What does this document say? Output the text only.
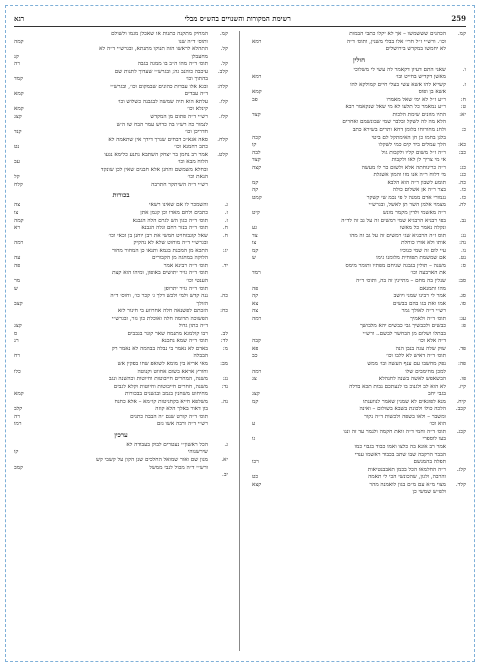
259
רשימת המקורות והשנויים בהש״ס מבלי
רגא
קמ.
הכהנים שששמשו – אך לא יקלו כתבי הבמות
וכו׳. ורש״י ז״ל חרי׳ אלו בבלי משנין, ותוס׳ ד״ה
רמא
לא יחמשו במקדש בירושלים
חולין
ו.
שאני התם דעיון דקאמר לה עשי לי משלוכי
מאשן דקדיש בחייט ובו׳
רמא
ז.
קשייא להו אשא עשי בעלי חיים קמולקא להו
אשא בן ופוס
קמא
ח:
ר״ע ז״ל לא ימי שאל מאמרו
פב
ט:
ר״ע נמאמר כל תלעו לא מי שאל שנקאמר רבא
יא:
התיו מוזנים שימת הלכות
קצד
הלא מה לה לשקל ובלבר שמי שבונשמם ואחרים
כ:
ולחנ מחורוחו בלומן דחא ותרים בשירא כתב
בלגן בחמו כן חן האימתקל לם ביטי
קכה
כא:
הלך עמלים ביד קים כמי לשקלו
קו
כב:
ר״ה ז״ל משום קליו ולקבות גול
לבה
אי מי צריך לן לאו ולקבות
קצד
כג:
ר״ה כרינוחתה אלא ולשום כר לו מעשה
קצה
כג:
מי דלוח ר״ה אנו מזו והמון אשגלת
כה.
תומע לשבון ר״ה הוא הלבא
קמ
כו.
בצר ר״ה אן אשלום כולה
קה
כז.
נגמורי אדם ממנה ל פי נכמ שי קשקר
קמט
לה.
מצמוי אלמן השר תן לאשל, ובגרש״י
ר״ה מאשמי ולדין מקמר מונש
קיט
נב.
בפי רבניא הרבגיא שמי רמשים זה על גב זה לד״ה
ונקלה נאמר כל מאשו
גע
נג:
תוס ז״ה הרבגיא שגי רמשים זה על גב זה מהו
צד
נה:
אותו ולא אורו כוחלת
צו
נו.
עיי לום זה שמי כנוכיו
קמ
נט.
אם שמשמת תפוחית מלומנו גימו
ש
ס:
משנה – תולין בגבגה שגיחם מפתיו ותומר מימס
את הארבעה וכו׳
רמד
סב:
שנלין בה מחם – מתיינין זה בה, ותוס׳ ד״ה
מהו ותמנאם
פה
סג.
אמר לי רבינו שמני ויושב
קה
סו.
אמו ואת בגו בהם בבשים
צא
רש״י ד״ה לאולך גמר
צה
עג:
תוס׳ ד״ה ולאמיך
רמה
פ:
כבשים ולכבשיך גבי כבשים יהא מלבושך
בבתלו ושלום מן הבחשר לבשם.. ורש״י
ד״ה אלא וכו׳
קבה
פד.
שוק שלה עגה בנבן הנה
פא
תוס׳ ד״ה דאיש לא ללבו וכו׳
כב
פה:
נפק מחשבו עם ענף העשה ובו׳ ממש
למכן מחימבים שלו
רמה
פו.
הבשאפש לאשה בשנה לחנהלא
צג
קיז.
לא הוא לב ולגנוכ בו לנעתכם נבות תכא בדלה
בגבי יחב
קצג
קיח.
מנא לפוגאים לא שמנין שאמר לנווענתו
קמ
קכב.
הלכה כולו ולכונת בשבא בשולום – ואינה
ומשבר – ולאו בשפה ולכשות ד״ה נקור
הוא וכו׳
ע
קכג.
תוס׳ ד״ה וחמי ד״ה זואת חקמה ולנמר עד זה ונגו
בעו לוספרי
גו
אמר רב אונא בה כלצו ואמו כבוד בגבוי כמו
הבבר הרקבה שבו שתב בכבוד ראשמו ענדי
תפלה בהמנשם
רכו
קלג.
ר״ה החלמאו הכל בכמן תאבבנטיאות
והרבה, ולגון, שהכונשי הכי לי תאמה
כט
קלד.
מצוי מ״א עם מ״ם בגון לואמנה מהר
קצא
ולפ״ש שמשי כן
קמ.
המחיק מתקנה כתנות או שאכלן מגמו ולשולם
ותוס׳ ד״ה שנו
קמה
קל.
התהלא לראשו הזה תנוקו מתנתא, ובגרש״י ד״ה לא
מחעבלן
קנ
קל.
תוס׳ ד״ה מהו ה״ב בו ממגה בגבה
רה
קלב.
עיכבה כוהנב גה; ובגרש״י שעדוך לתנות שם
בהתוך וכו׳
קמד
קלה:
ובגא אלו עבדות כהונים שבמקום וכו׳, ובגרש״י
ד״ה עבדים
קמא
קלו.
עלתא הוא תיה שמשה לבגבנה כשלוש וכו׳
קינלא וכו׳
קמא
קלז.
רש״י ד״ה פתום מן המקדש
קצג
לנמור כה רש״ו בה כדוש עמר הבח שו ה׳ש
חדריכן וכו׳
קנד
קלח.
סאה אגא״כ דבחים שנרך דידך אין שתאמה לא
כתב רחמנא וכו׳
נט
קלט.
אמר רב נחמן בר יצחק השתבא נתנע כלימא נגעו
הלוח מבא וכו׳
עב
ובחלא משמשם והחנן אלא חבנים שאין לכן שונקד
הנאת וכו׳
קל
רש״י ד״ה השיתקר חתרבה
קלח
בכורות
ג.
והשמכר לו אם שאינו רשאי
צה
ז.
כתבים ולחם מאדו וכן קגמן אתן
צו
ז.
תוס׳ ד״ה כגון הש לגרם הלה הגבנא
קמה
ח.
תוס׳ ד״ה בנזר רחם וגלה הגבנא
רא
ח.
שאל קוגבזחויט חמשי את רבן יוחנן בן זכאי וכו׳
ובגרש״י ד״ה מוחוט שלא לא נהקיק
רמה
יג:
התכא מן המכנת בגמא ותנאו כן המחור מחור
הלוקה במחגה מן הקבורים
עה
יד.
תוס׳ ד״ה רבינא אמר
פה
תוס׳ ד״ה גזיר יתושים באופון, ומיהו הוא קצת
הענטי וכו׳
מר
תוס׳ ד״ה גזיר יתרופן
ש
כה.
ננה קדש ולמי ולכש דלך ג׳ קכר כו׳, וחוס׳ ד״ה
הזולך
קצב
כח:
הזכתם לפשנאה חלה אחרוזע בי חינור לזא
הפשוכה תרומה חלה ואוכלת כון גזר, ובגרש״י
ד״ה כתון גדול
קצג
לב.
רבו קולמגא מתנמח שאר קונר בגבבים
ס
לד:
תוס׳ ד״ה שמא נתכנא
רנ
מ:
באדם לא נאמר בי נבלה בבהמה לא נאמר רק
הבבלה
רח
מב:
מאי אריא בין מומא לשואפ שחו בפקין אש
וחורץ אראא בשום אחווט וקנוטה
כלו
נג:
משנה, המחרים חייבוטות וחיוטות וכהשנה ונגב
נד:
משנה, חחרים חייבוטות וחיוטות וקלא לגבים
מחיחוט משחנין בגמב ובגשנים בבכורות
קמא
נה.
משלפא חייא בקחניטות קו״מא – אלא כחנח
בון דאור באלך הלא קוזה
קלב
תוס׳ ד״ה קורט שנם ״ה הבבה כתנים
רה
רש״י ד״ה ורבה אשו גזם
רמו
ערכין
ג.
הכל ראשון״י נעטרים לבוק בעבודה לא
שירשנוהי
קו
יא.
מנון שם ואור שמואל החלכים שנן הקון על קשבי קש
ורש״י ד״ה מכול לנבי ממשל
קמב
יב.
